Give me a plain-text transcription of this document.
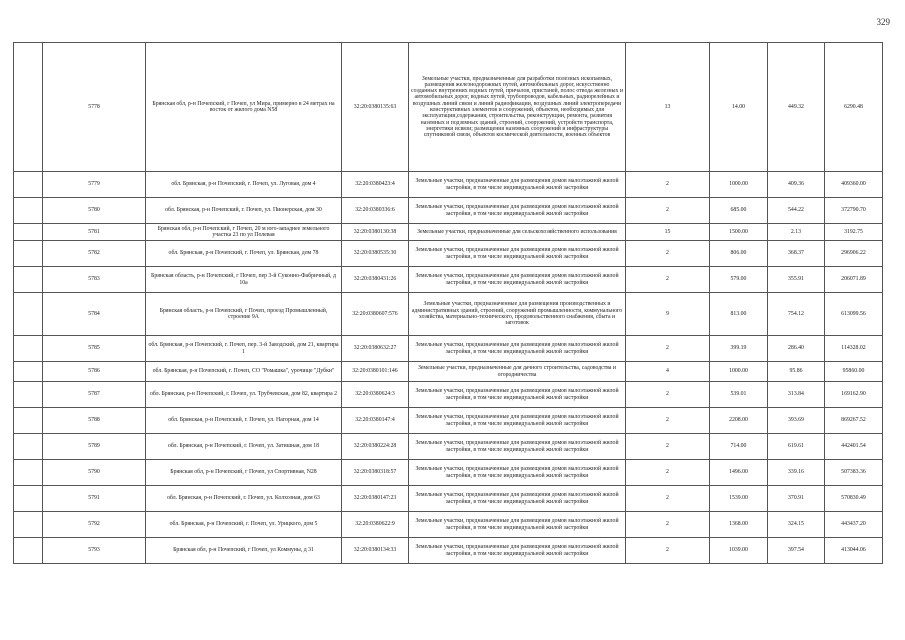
329
	5778	Брянская обл, р-н Почепский, г Почеп, ул Мира, примерно в 24 метрах на восток от жилого дома N58	32:20:0380135:63	Земельные участки, предназначенные для разработки полезных ископаемых, размещения железнодорожных путей, автомобильных дорог, искусственно созданных внутренних водных путей, причалов, пристаней, полос отвода железных и автомобильных дорог, водных путей, трубопроводов, кабельных, радиорелейных и воздушных линий связи и линий радиофикации, воздушных линий электропередачи конструктивных элементов и сооружений, объектов, необходимых для эксплуатации,содержания, строительства, реконструкции, ремонта, развития наземных и подземных зданий, строений, сооружений, устройств транспорта, энергетики исвязи; размещения наземных сооружений и инфраструктуры спутниковой связи, объектов космической деятельности, военных объектов	13	14.00	449.32	6290.48
	5779	обл. Брянская, р-н Почепский, г. Почеп, ул. Луговая, дом 4	32:20:0380423:4	Земельные участки, предназначенные для размещения домов малоэтажной жилой застройки, в том числе индивидуальной жилой застройки	2	1000.00	409.36	409360.00
	5780	обл. Брянская, р-н Почепский, г. Почеп, ул. Пионерская, дом 30	32:20:0380336:6	Земельные участки, предназначенные для размещения домов малоэтажной жилой застройки, в том числе индивидуальной жилой застройки	2	685.00	544.22	372790.70
	5781	Брянская обл, р-н Почепский, г Почеп, 20 м юго-западнее земельного участка 23 по ул Полевая	32:20:0380130:38	Земельные участки, предназначенные для сельскохозяйственного использования	15	1500.00	2.13	3192.75
	5782	обл. Брянская, р-н Почепский, г. Почеп, ул. Брянская, дом 78	32:20:0380535:30	Земельные участки, предназначенные для размещения домов малоэтажной жилой застройки, в том числе индивидуальной жилой застройки	2	806.00	368.37	296906.22
	5783	Брянская область, р-н Почепский, г Почеп, пер 3-й Суконно-Фабричный, д 10а	32:20:0380431:26	Земельные участки, предназначенные для размещения домов малоэтажной жилой застройки, в том числе индивидуальной жилой застройки	2	579.00	355.91	206071.89
	5784	Брянская область, р-н Почепский, г Почеп, проезд Промышленный, строение 9А	32:20:0380607:576	Земельные участки, предназначенные для размещения производственных и административных зданий, строений, сооружений промышленности, коммунального хозяйства, материально-технического, продовольственного снабжения, сбыта и заготовок	9	813.00	754.12	613099.56
	5785	обл. Брянская, р-н Почепский, г. Почеп, пер. 3-й Заводский, дом 21, квартира 1	32:20:0380632:27	Земельные участки, предназначенные для размещения домов малоэтажной жилой застройки, в том числе индивидуальной жилой застройки	2	399.19	286.40	114328.02
	5786	обл. Брянская, р-н Почепский, г. Почеп, СО "Ромашка", урочище "Дубки"	32:20:0380101:146	Земельные участки, предназначенные для дачного строительства, садоводства и огородничества	4	1000.00	95.86	95860.00
	5787	обл. Брянская, р-н Почепский, г. Почеп, ул. Трубчевская, дом 82, квартира 2	32:20:0380624:3	Земельные участки, предназначенные для размещения домов малоэтажной жилой застройки, в том числе индивидуальной жилой застройки	2	539.01	313.84	169162.90
	5788	обл. Брянская, р-н Почепский, г. Почеп, ул. Нагорная, дом 14	32:20:0380147:4	Земельные участки, предназначенные для размещения домов малоэтажной жилой застройки, в том числе индивидуальной жилой застройки	2	2208.00	393.69	869267.52
	5789	обл. Брянская, р-н Почепский, г. Почеп, ул. Затишная, дом 18	32:20:0380224:28	Земельные участки, предназначенные для размещения домов малоэтажной жилой застройки, в том числе индивидуальной жилой застройки	2	714.00	619.61	442401.54
	5790	Брянская обл, р-н Почепский, г Почеп, ул Спортивная, N28	32:20:0380318:57	Земельные участки, предназначенные для размещения домов малоэтажной жилой застройки, в том числе индивидуальной жилой застройки	2	1496.00	339.16	507383.36
	5791	обл. Брянская, р-н Почепский, г. Почеп, ул. Колхозная, дом 63	32:20:0380147:23	Земельные участки, предназначенные для размещения домов малоэтажной жилой застройки, в том числе индивидуальной жилой застройки	2	1539.00	370.91	570830.49
	5792	обл. Брянская, р-н Почепский, г. Почеп, ул. Урицкого, дом 5	32:20:0380622:9	Земельные участки, предназначенные для размещения домов малоэтажной жилой застройки, в том числе индивидуальной жилой застройки	2	1368.00	324.15	443437.20
	5793	Брянская обл, р-н Почепский, г Почеп, ул Коммуны, д 31	32:20:0380134:33	Земельные участки, предназначенные для размещения домов малоэтажной жилой застройки, в том числе индивидуальной жилой застройки	2	1039.00	397.54	413044.06
